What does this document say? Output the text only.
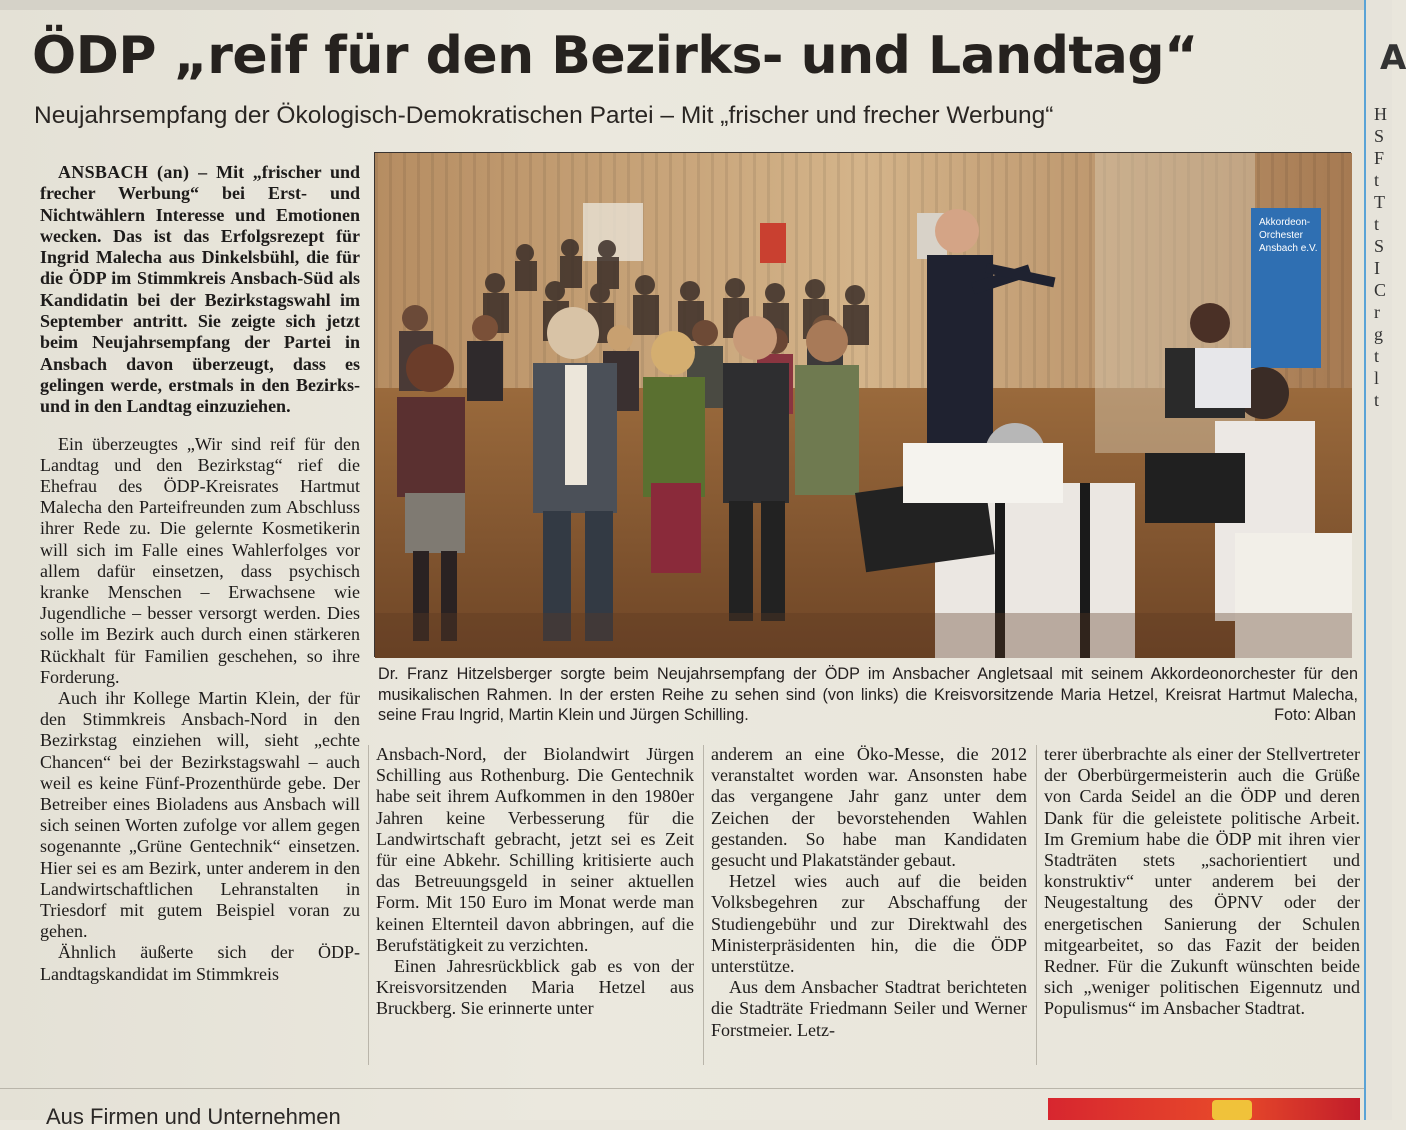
ÖDP „reif für den Bezirks- und Landtag“
Neujahrsempfang der Ökologisch-Demokratischen Partei – Mit „frischer und frecher Werbung“

ANSBACH (an) – Mit „frischer und frecher Werbung“ bei Erst- und Nichtwählern Interesse und Emotionen wecken. Das ist das Erfolgsrezept für Ingrid Malecha aus Dinkelsbühl, die für die ÖDP im Stimmkreis Ansbach-Süd als Kandidatin bei der Bezirkstagswahl im September antritt. Sie zeigte sich jetzt beim Neujahrsempfang der Partei in Ansbach davon überzeugt, dass es gelingen werde, erstmals in den Bezirks- und in den Landtag einzuziehen.

Ein überzeugtes „Wir sind reif für den Landtag und den Bezirkstag“ rief die Ehefrau des ÖDP-Kreisrates Hartmut Malecha den Parteifreunden zum Abschluss ihrer Rede zu. Die gelernte Kosmetikerin will sich im Falle eines Wahlerfolges vor allem dafür einsetzen, dass psychisch kranke Menschen – Erwachsene wie Jugendliche – besser versorgt werden. Dies solle im Bezirk auch durch einen stärkeren Rückhalt für Familien geschehen, so ihre Forderung.

Auch ihr Kollege Martin Klein, der für den Stimmkreis Ansbach-Nord in den Bezirkstag einziehen will, sieht „echte Chancen“ bei der Bezirkstagswahl – auch weil es keine Fünf-Prozenthürde gebe. Der Betreiber eines Bioladens aus Ansbach will sich seinen Worten zufolge vor allem gegen sogenannte „Grüne Gentechnik“ einsetzen. Hier sei es am Bezirk, unter anderem in den Landwirtschaftlichen Lehranstalten in Triesdorf mit gutem Beispiel voran zu gehen.

Ähnlich äußerte sich der ÖDP-Landtagskandidat im Stimmkreis

Akkordeon-
Orchester
Ansbach e.V.
Dr. Franz Hitzelsberger sorgte beim Neujahrsempfang der ÖDP im Ansbacher Angletsaal mit seinem Akkordeonorchester für den musikalischen Rahmen. In der ersten Reihe zu sehen sind (von links) die Kreisvorsitzende Maria Hetzel, Kreisrat Hartmut Malecha, seine Frau Ingrid, Martin Klein und Jürgen Schilling.	Foto: Alban

Ansbach-Nord, der Biolandwirt Jürgen Schilling aus Rothenburg. Die Gentechnik habe seit ihrem Aufkommen in den 1980er Jahren keine Verbesserung für die Landwirtschaft gebracht, jetzt sei es Zeit für eine Abkehr. Schilling kritisierte auch das Betreuungsgeld in seiner aktuellen Form. Mit 150 Euro im Monat werde man keinen Elternteil davon abbringen, auf die Berufstätigkeit zu verzichten.

Einen Jahresrückblick gab es von der Kreisvorsitzenden Maria Hetzel aus Bruckberg. Sie erinnerte unter

anderem an eine Öko-Messe, die 2012 veranstaltet worden war. Ansonsten habe das vergangene Jahr ganz unter dem Zeichen der bevorstehenden Wahlen gestanden. So habe man Kandidaten gesucht und Plakatständer gebaut.

Hetzel wies auch auf die beiden Volksbegehren zur Abschaffung der Studiengebühr und zur Direktwahl des Ministerpräsidenten hin, die die ÖDP unterstütze.

Aus dem Ansbacher Stadtrat berichteten die Stadträte Friedmann Seiler und Werner Forstmeier. Letz-

terer überbrachte als einer der Stellvertreter der Oberbürgermeisterin auch die Grüße von Carda Seidel an die ÖDP und deren Dank für die geleistete politische Arbeit. Im Gremium habe die ÖDP mit ihren vier Stadträten stets „sachorientiert und konstruktiv“ unter anderem bei der Neugestaltung des ÖPNV oder der energetischen Sanierung der Schulen mitgearbeitet, so das Fazit der beiden Redner. Für die Zukunft wünschten beide sich „weniger politischen Eigennutz und Populismus“ im Ansbacher Stadtrat.

A
H
S
F
t
T
t
S
I
C
r
g
t
l
t
Aus Firmen und Unternehmen
